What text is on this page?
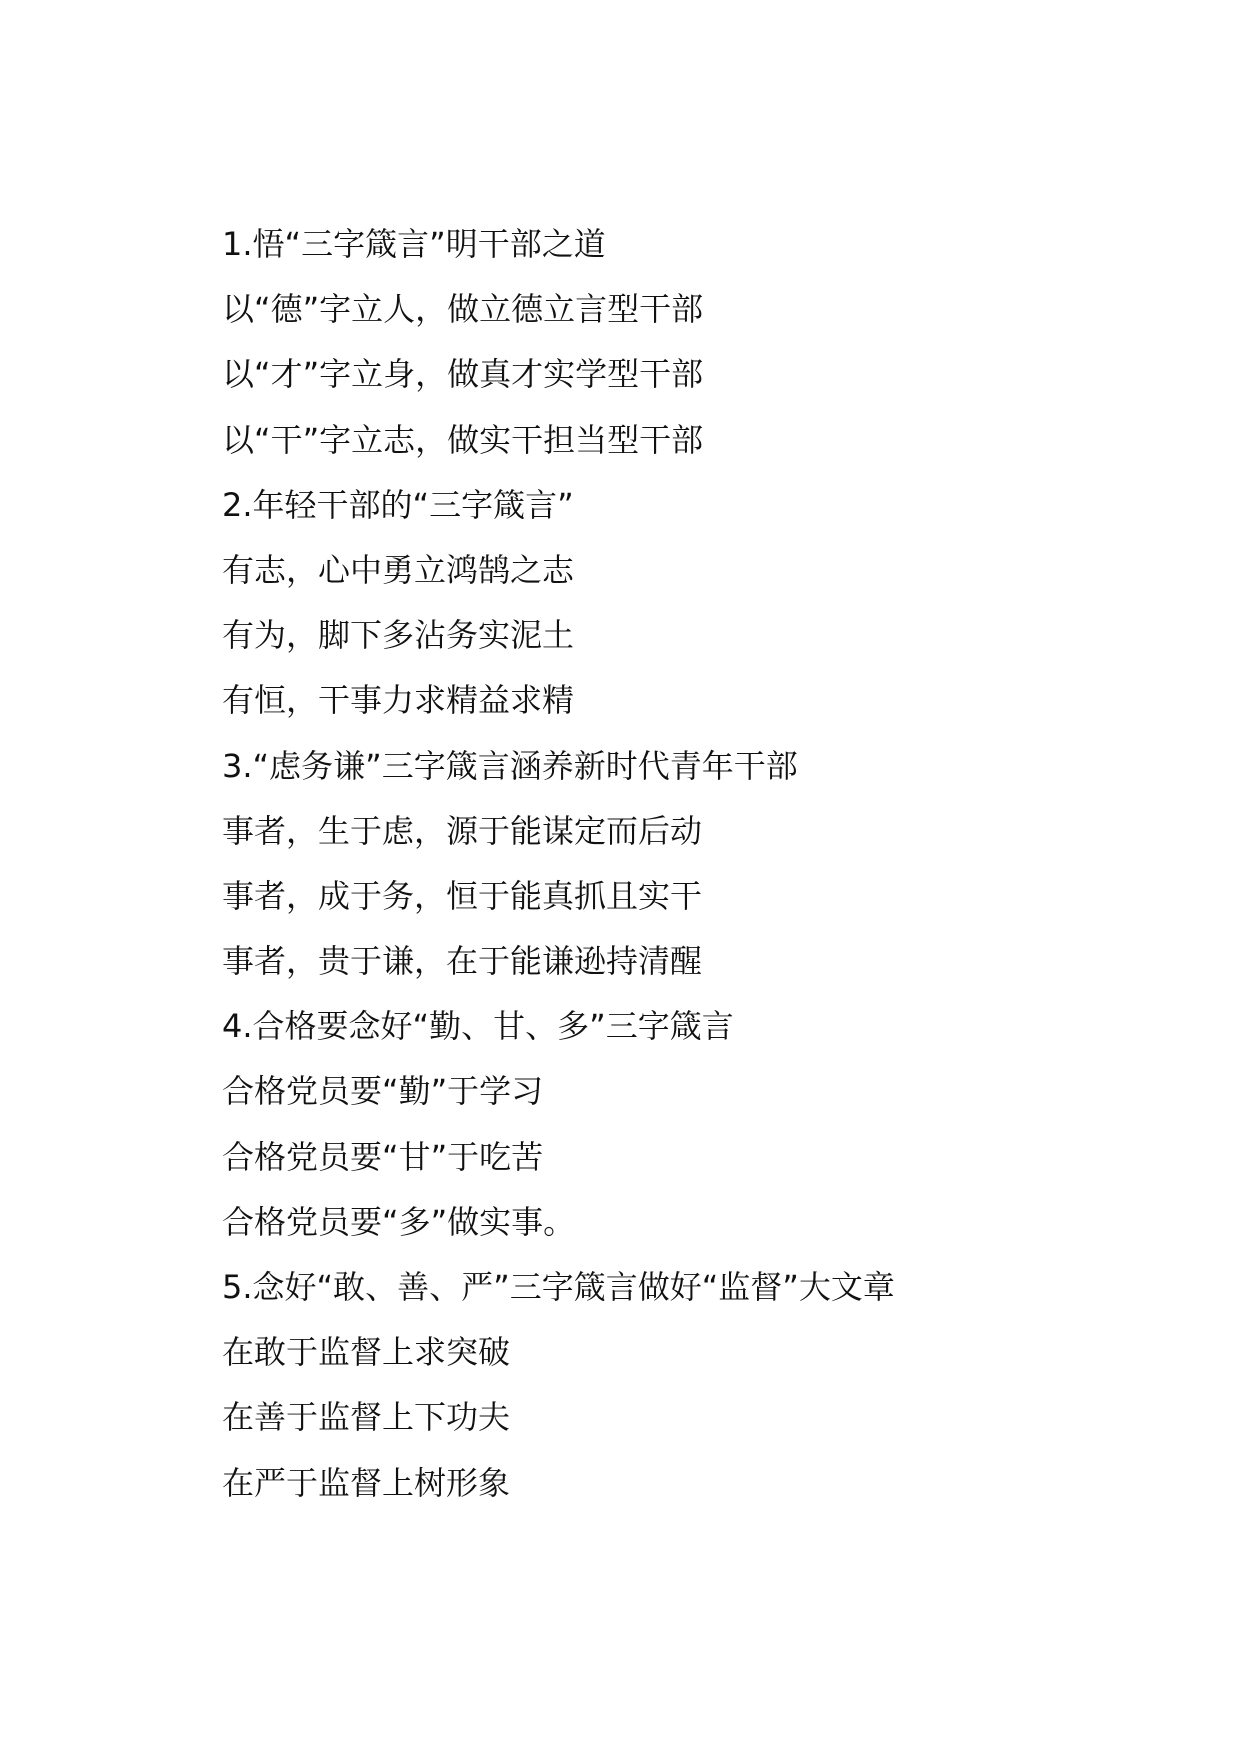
1.悟“三字箴言”明干部之道
以“德”字立人，做立德立言型干部
以“才”字立身，做真才实学型干部
以“干”字立志，做实干担当型干部
2.年轻干部的“三字箴言”
有志，心中勇立鸿鹄之志
有为，脚下多沾务实泥土
有恒，干事力求精益求精
3.“虑务谦”三字箴言涵养新时代青年干部
事者，生于虑，源于能谋定而后动
事者，成于务，恒于能真抓且实干
事者，贵于谦，在于能谦逊持清醒
4.合格要念好“勤、甘、多”三字箴言
合格党员要“勤”于学习
合格党员要“甘”于吃苦
合格党员要“多”做实事。
5.念好“敢、善、严”三字箴言做好“监督”大文章
在敢于监督上求突破
在善于监督上下功夫
在严于监督上树形象
